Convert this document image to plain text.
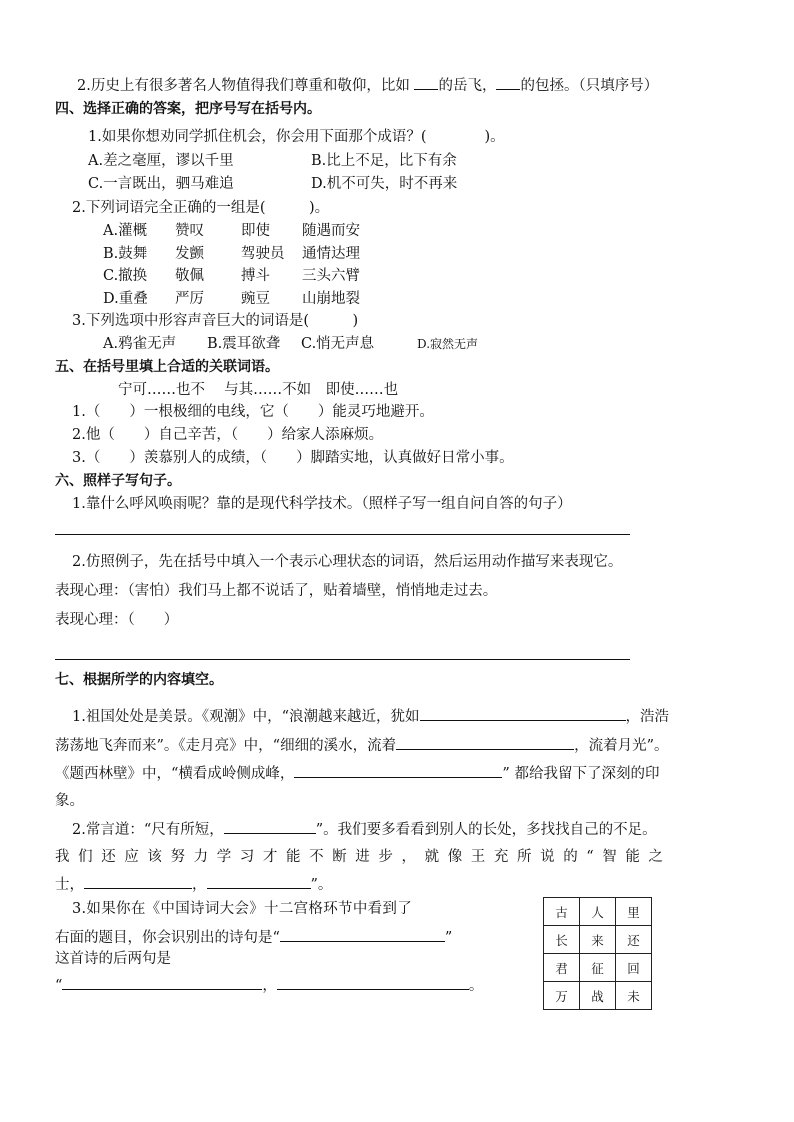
2.历史上有很多著名人物值得我们尊重和敬仰，比如 的岳飞， 的包拯。（只填序号）
四、选择正确的答案，把序号写在括号内。
1.如果你想劝同学抓住机会，你会用下面那个成语？(　　　　)。
A.差之毫厘，谬以千里	B.比上不足，比下有余
C.一言既出，驷马难追	D.机不可失，时不再来
2.下列词语完全正确的一组是(　　　)。
A.灌概 赞叹	即使 随遇而安
B.鼓舞 发颤	驾驶员 通情达理
C.撤换 敬佩	搏斗 三头六臂
D.重叠 严厉	豌豆 山崩地裂
3.下列选项中形容声音巨大的词语是(　　　)
A.鸦雀无声 B.震耳欲聋 C.悄无声息	D.寂然无声
五、在括号里填上合适的关联词语。
宁可……也不　 与其……不如　即使……也
1.（　　）一根极细的电线，它（　　）能灵巧地避开。
2.他（　　）自己辛苦，（　　）给家人添麻烦。
3.（　　）羡慕别人的成绩，（　　）脚踏实地，认真做好日常小事。
六、照样子写句子。
1.靠什么呼风唤雨呢？靠的是现代科学技术。（照样子写一组自问自答的句子）
2.仿照例子，先在括号中填入一个表示心理状态的词语，然后运用动作描写来表现它。
表现心理：（害怕）我们马上都不说话了，贴着墙壁，悄悄地走过去。
表现心理：（　　）
七、根据所学的内容填空。
1.祖国处处是美景。《观潮》中，“浪潮越来越近，犹如	，浩浩
荡荡地飞奔而来”。《走月亮》中，“细细的溪水，流着	，流着月光”。
《题西林壁》中，“横看成岭侧成峰，	” 都给我留下了深刻的印
象。
2.常言道：“尺有所短，	”。我们要多看看到别人的长处，多找找自己的不足。
我们还应该努力学习才能不断进步，就像王充所说的“智能之
士，	，	”。
3.如果你在《中国诗词大会》十二宫格环节中看到了
右面的题目，你会识别出的诗句是“	”
这首诗的后两句是
“	，	。
古	人	里
长	来	还
君	征	回
万	战	未
